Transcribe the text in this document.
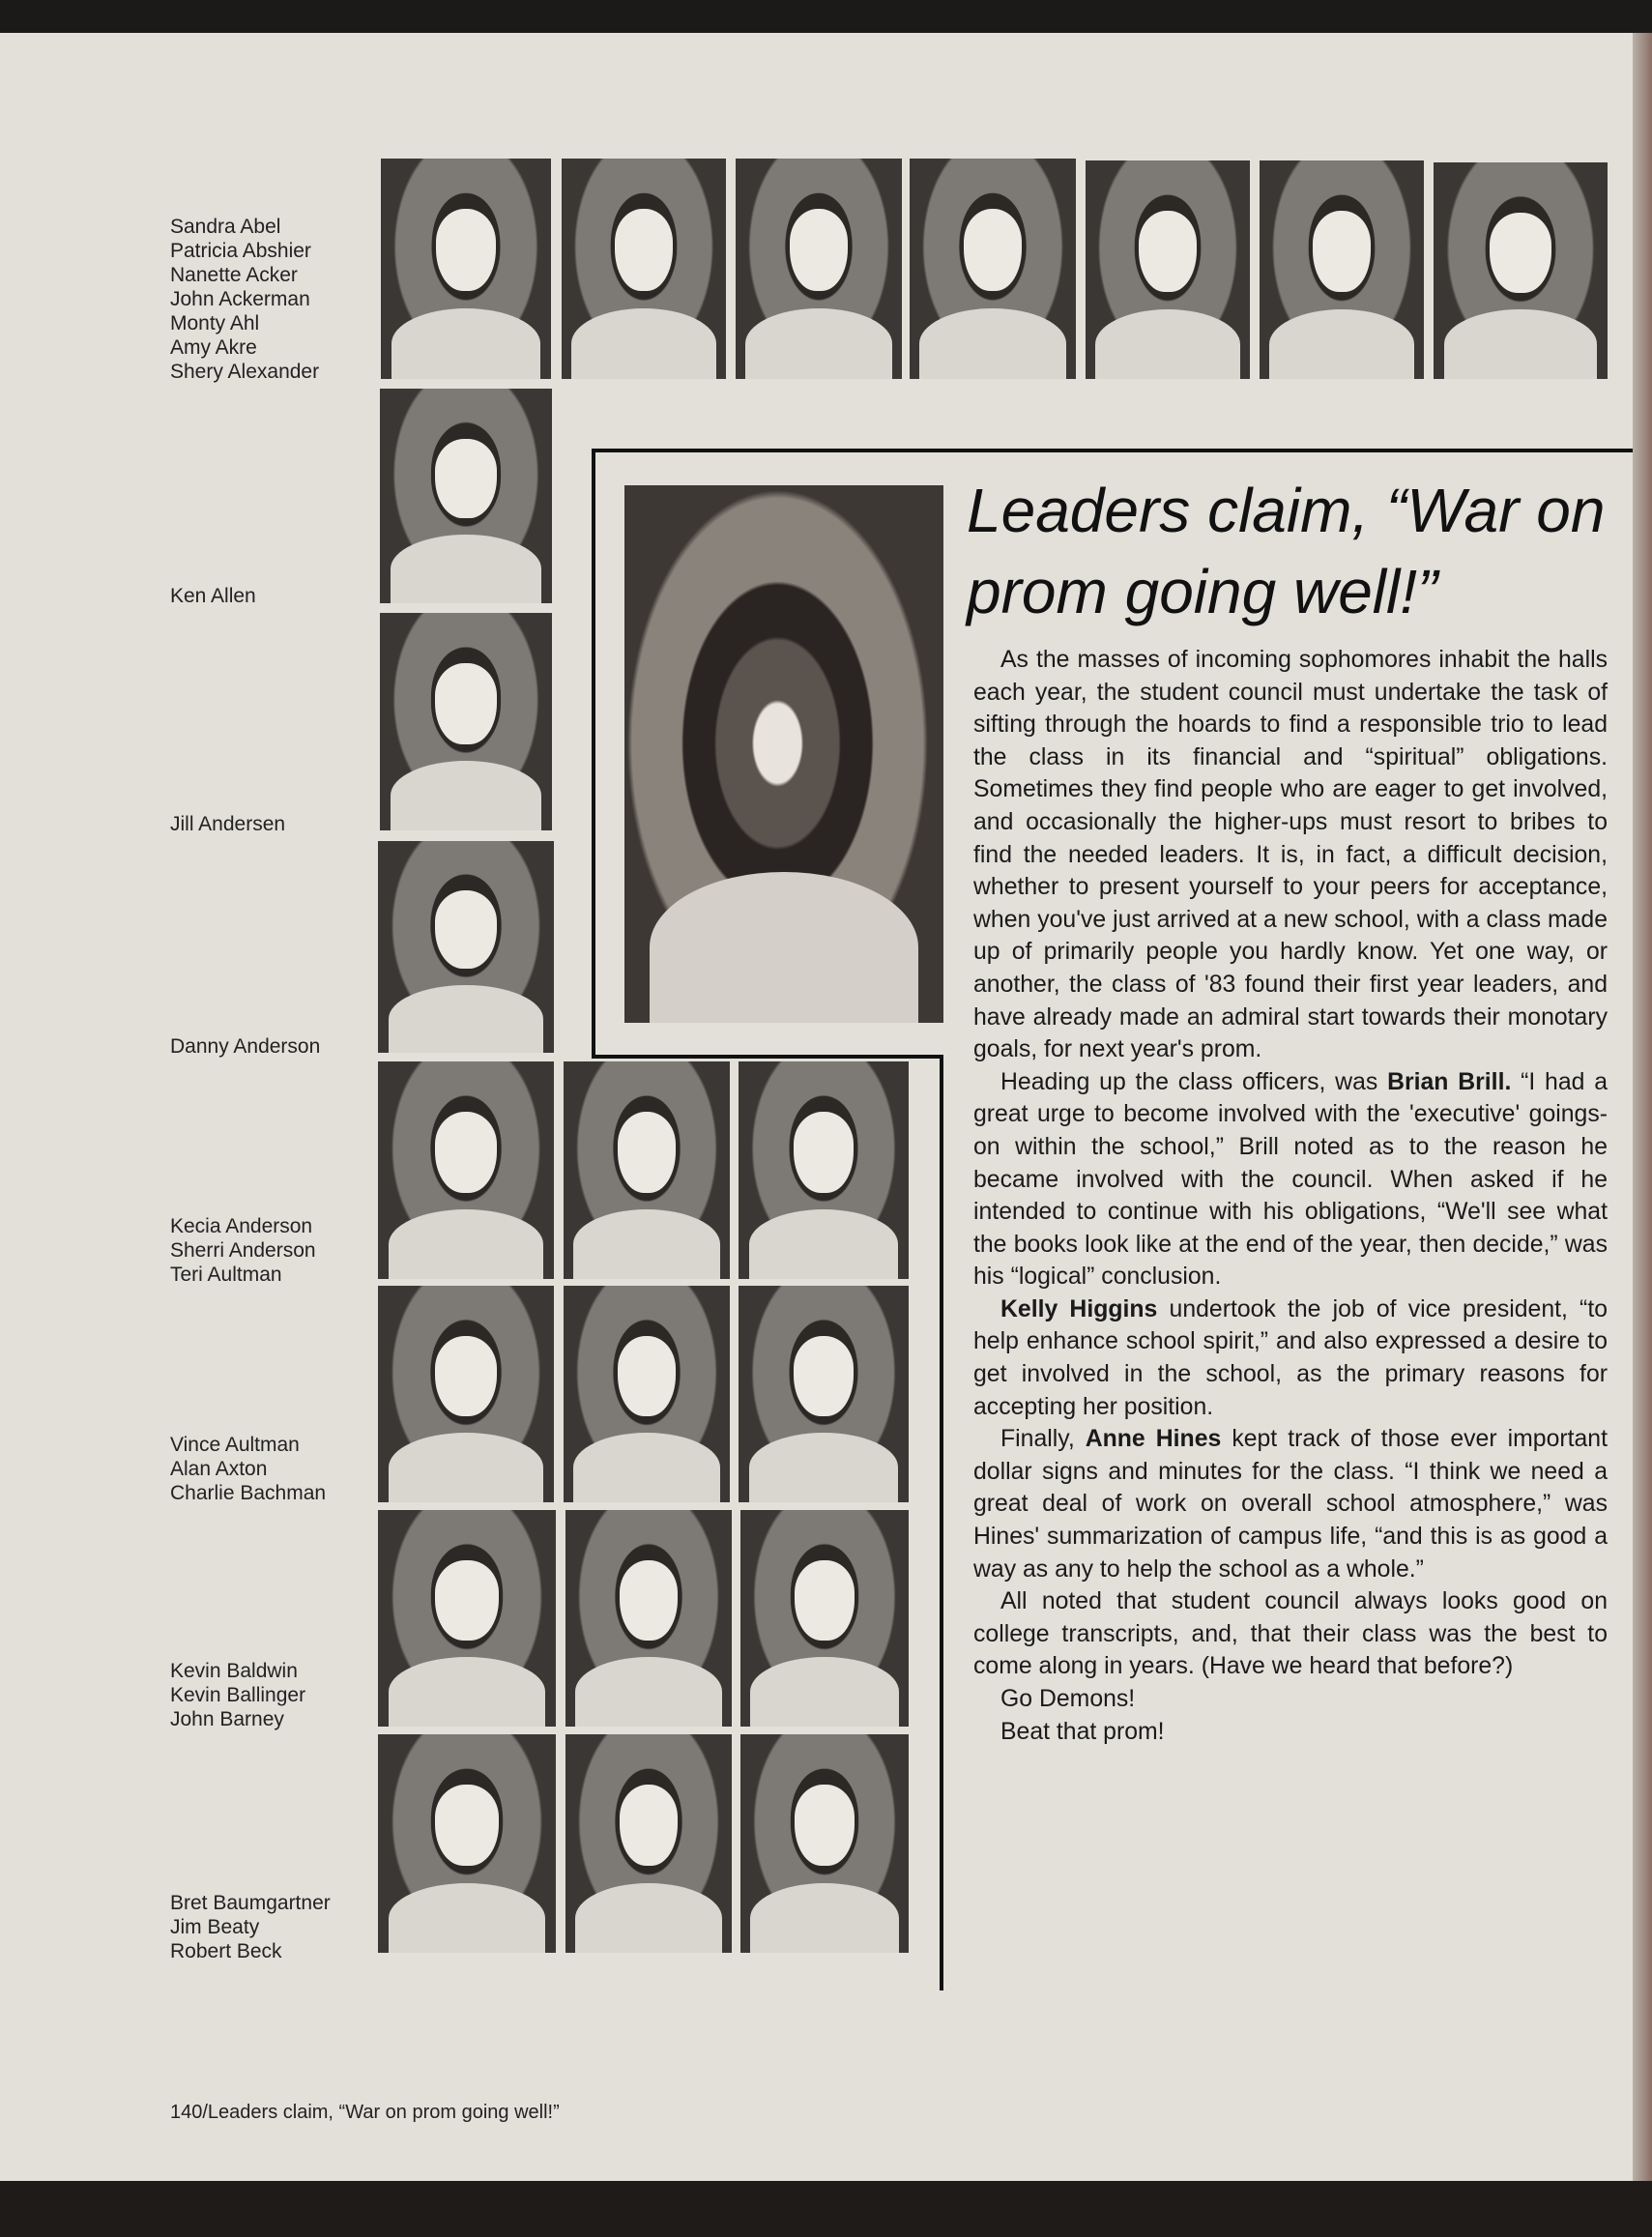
Sandra Abel
Patricia Abshier
Nanette Acker
John Ackerman
Monty Ahl
Amy Akre
Shery Alexander
Ken Allen
Jill Andersen
Danny Anderson
Kecia Anderson
Sherri Anderson
Teri Aultman
Vince Aultman
Alan Axton
Charlie Bachman
Kevin Baldwin
Kevin Ballinger
John Barney
Bret Baumgartner
Jim Beaty
Robert Beck
Leaders claim, “War on prom going well!”

As the masses of incoming sophomores inhabit the halls each year, the student council must undertake the task of sifting through the hoards to find a responsible trio to lead the class in its financial and “spiritual” obligations. Sometimes they find people who are eager to get involved, and occasionally the higher-ups must resort to bribes to find the needed leaders. It is, in fact, a difficult decision, whether to present yourself to your peers for acceptance, when you've just arrived at a new school, with a class made up of primarily people you hardly know. Yet one way, or another, the class of '83 found their first year leaders, and have already made an admiral start towards their monotary goals, for next year's prom.

Heading up the class officers, was Brian Brill. “I had a great urge to become involved with the 'executive' goings-on within the school,” Brill noted as to the reason he became involved with the council. When asked if he intended to continue with his obligations, “We'll see what the books look like at the end of the year, then decide,” was his “logical” conclusion.

Kelly Higgins undertook the job of vice president, “to help enhance school spirit,” and also expressed a desire to get involved in the school, as the primary reasons for accepting her position.

Finally, Anne Hines kept track of those ever important dollar signs and minutes for the class. “I think we need a great deal of work on overall school atmosphere,” was Hines' summarization of campus life, “and this is as good a way as any to help the school as a whole.”

All noted that student council always looks good on college transcripts, and, that their class was the best to come along in years. (Have we heard that before?)

Go Demons!

Beat that prom!

140/Leaders claim, “War on prom going well!”
